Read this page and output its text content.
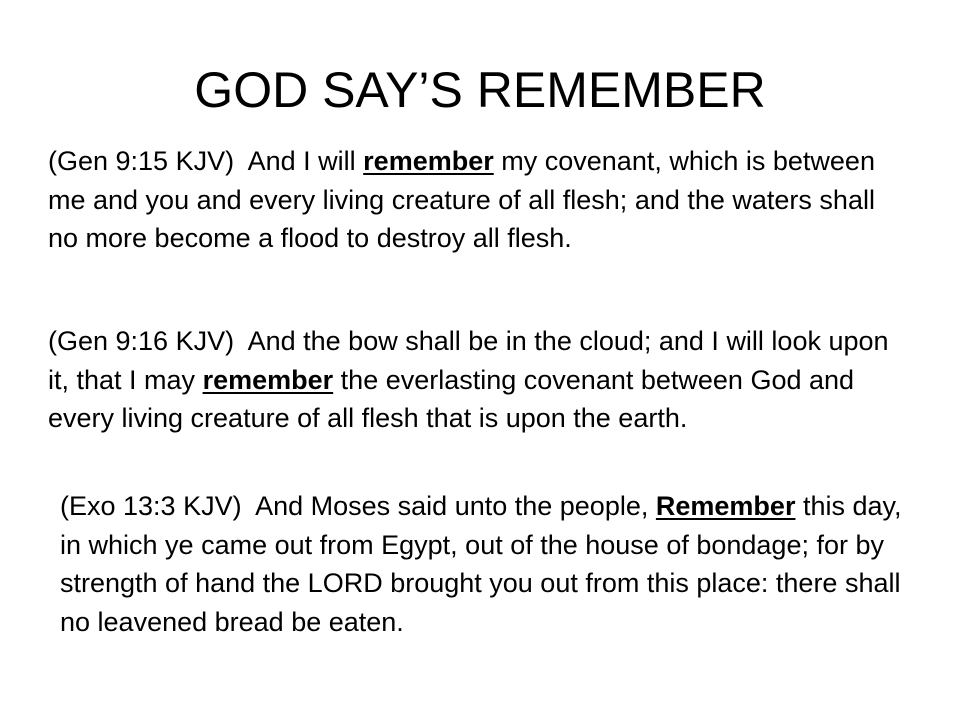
GOD SAY’S REMEMBER

(Gen 9:15 KJV) And I will remember my covenant, which is between me and you and every living creature of all flesh; and the waters shall no more become a flood to destroy all flesh.

(Gen 9:16 KJV) And the bow shall be in the cloud; and I will look upon it, that I may remember the everlasting covenant between God and every living creature of all flesh that is upon the earth.

(Exo 13:3 KJV) And Moses said unto the people, Remember this day, in which ye came out from Egypt, out of the house of bondage; for by strength of hand the LORD brought you out from this place: there shall no leavened bread be eaten.
